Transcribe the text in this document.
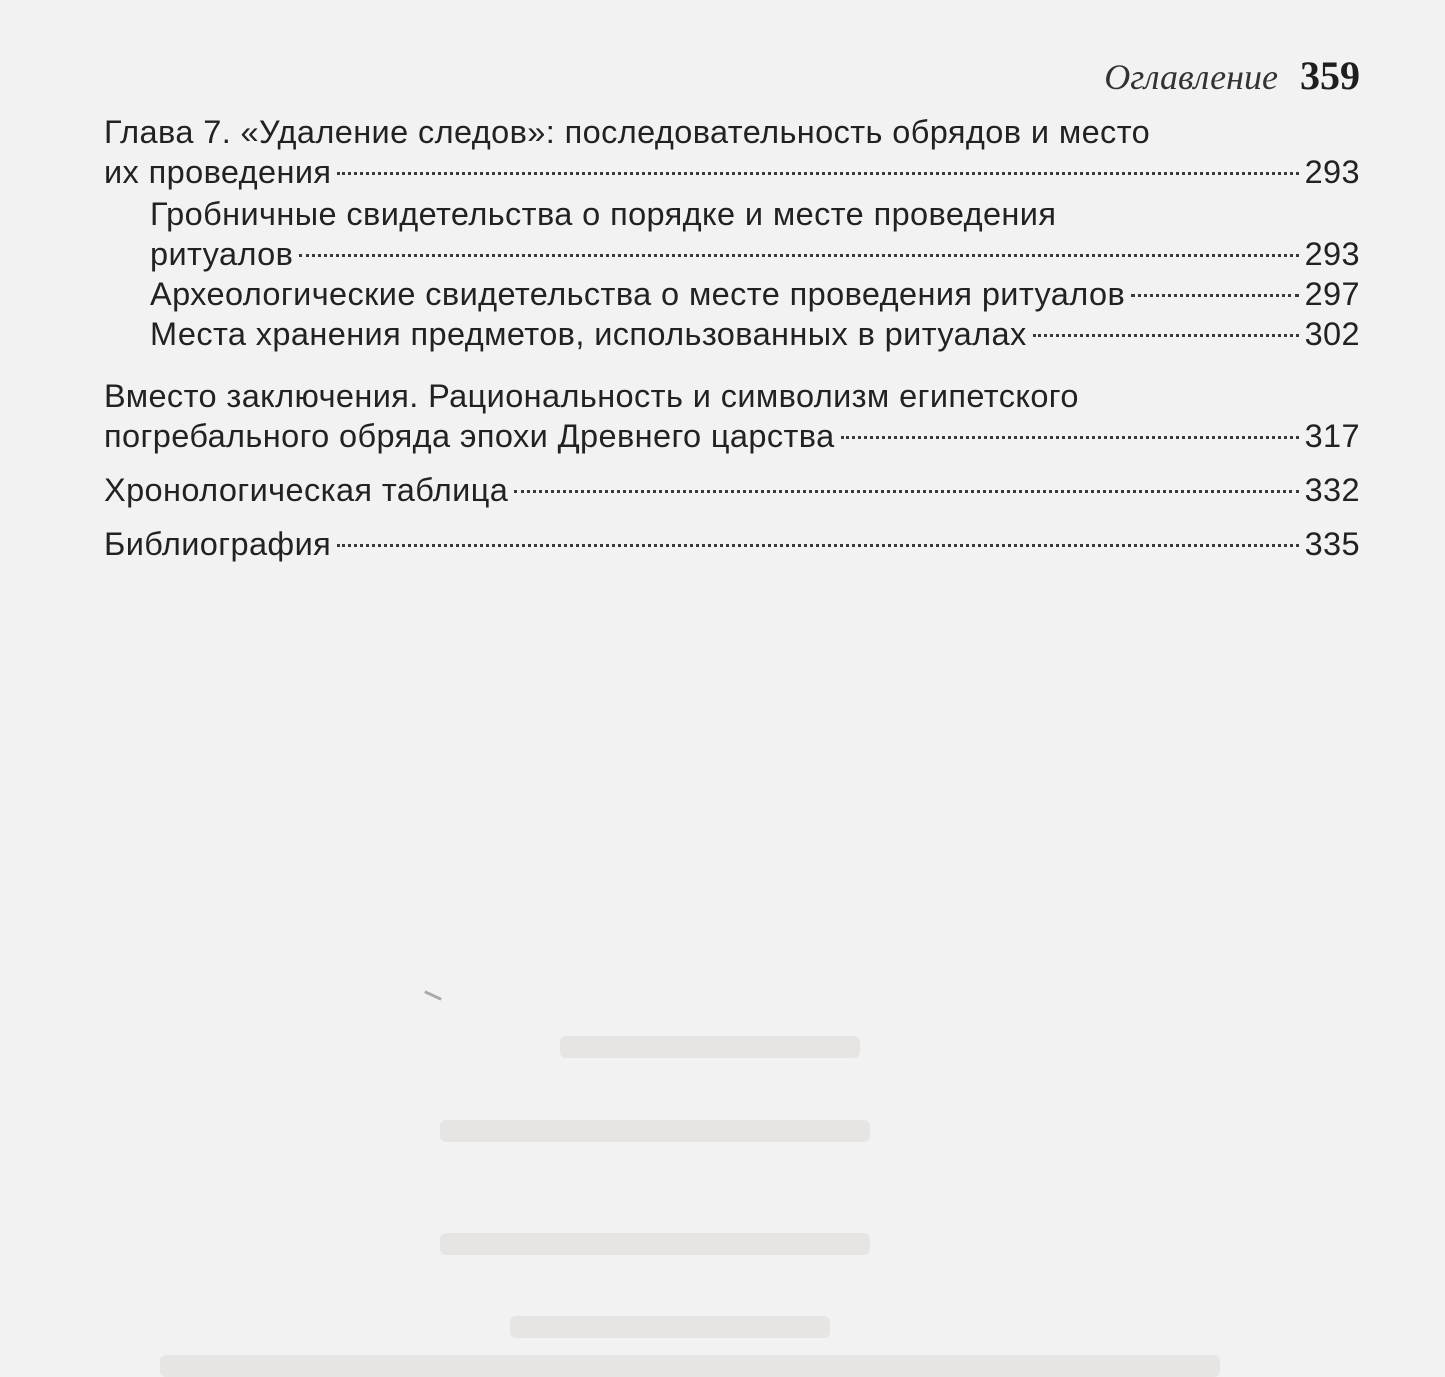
Оглавление 359
Глава 7. «Удаление следов»: последовательность обрядов и место
их проведения	293
Гробничные свидетельства о порядке и месте проведения
ритуалов	293
Археологические свидетельства о месте проведения ритуалов	297
Места хранения предметов, использованных в ритуалах	302
Вместо заключения. Рациональность и символизм египетского
погребального обряда эпохи Древнего царства	317
Хронологическая таблица	332
Библиография	335
